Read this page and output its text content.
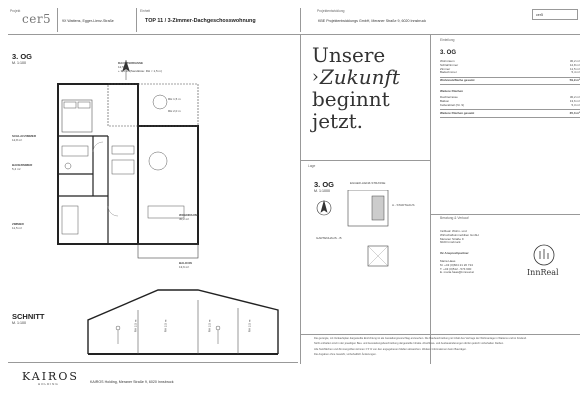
Projekt
cer5	9X Wattens, Egger-Lienz-Straße
Einheit
TOP 11 / 3-Zimmer-Dachgeschosswohnung
Projektentwicklung
KBE Projektentwicklungs GmbH, Meraner Straße 9, 6020 Innsbruck
cer5
3. OG
M. 1:100	DACHTERRASSE
12,5 m²
+ 3,3 m² (Sandkiste: RH < 1,5 m)
SCHLAFZIMMER
12,8 m²
BADEZIMMER
5,4 m²
ZIMMER
11,5 m²
WOHNRAUM
30,2 m²
BALKON
13,6 m²
RH 1,5 m
RH 2,0 m
SCHNITT
M. 1:100	RH 2,5 m	RH 2,5 m	RH 2,5 m	RH 2,5 m
KAIROS
HOLDING	KAIROS Holding, Meraner Straße 9, 6020 Innsbruck
Unsere
› Zukunft
beginnt
jetzt.
Lage
3. OG
M. 1:1000
EGGER-LIENZ-STRASSE
A - STADTHAUS
GARTENHAUS - B
Einteilung
3. OG
Wohnraum	30,2 m²
Schlafzimmer	12,8 m²
Zimmer	11,5 m²
Badezimmer	5,4 m²
Wohnnutzfläche gesamt	59,9 m²
Weitere Flächen
Dachterrasse	30,2 m²
Balkon	13,6 m²
Kellerabteil (Nr. 9)	5,3 m²
Weitere Flächen gesamt	35,3 m²
Beratung & Verkauf
InnReal: Wohn- und
Wirtschaftsimmobilien GmbH
Meraner Straße 9
6020 Innsbruck
Ihr Ansprechpartner
Maria Haas
M. +43 (0)664 21 20 724
T. +43 (0)512 - 574 600
E. maria.haas@innreal.at	InnReal

Die gezeigte, mit Verkaufsplan dargestellte Einrichtung ist als Gestaltungsvorschlag anzusehen. Die Baubeschreibung ist Inhalt des Vertrags der Wohnanlage in Wattens und ist bindend.

Nicht enthalten sind in der jeweiligen Bau- und Ausstattungsbeschreibung dargestellte Inhalte. Abschluss- und Ausbauänderungen dürfen jedoch vorbehalten bleiben.

Alle Nutzflächen und Zimmergrößen können ± 5 % von den angegebenen Maßen abweichen. Weitere Informationen beim Bauträger.

Die Angaben ohne Gewähr, vorbehaltlich Änderungen.
